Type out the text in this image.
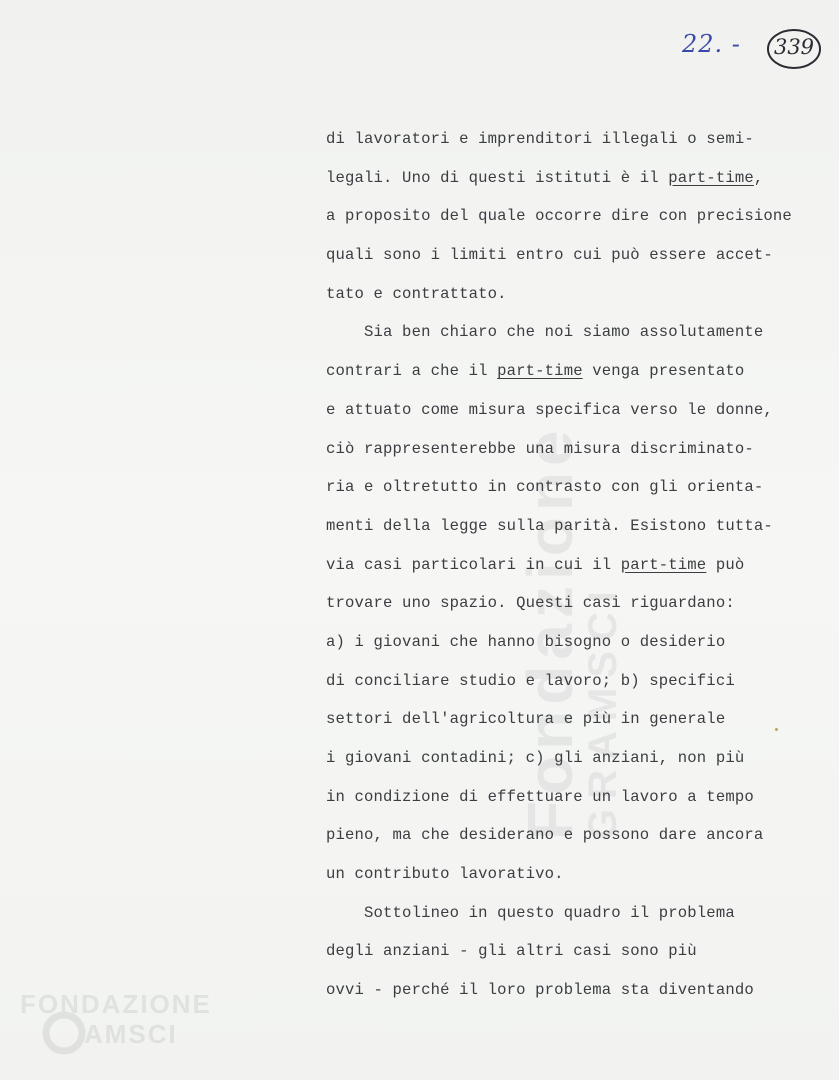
Fondazione
GRAMSCI
FONDAZIONE
AMSCI
22. -	339
di lavoratori e imprenditori illegali o semi-
legali. Uno di questi istituti è il part-time,
a proposito del quale occorre dire con precisione
quali sono i limiti entro cui può essere accet-
tato e contrattato.
Sia ben chiaro che noi siamo assolutamente
contrari a che il part-time venga presentato
e attuato come misura specifica verso le donne,
ciò rappresenterebbe una misura discriminato-
ria e oltretutto in contrasto con gli orienta-
menti della legge sulla parità. Esistono tutta-
via casi particolari in cui il part-time può
trovare uno spazio. Questi casi riguardano:
a) i giovani che hanno bisogno o desiderio
di conciliare studio e lavoro; b) specifici
settori dell'agricoltura e più in generale
i giovani contadini; c) gli anziani, non più
in condizione di effettuare un lavoro a tempo
pieno, ma che desiderano e possono dare ancora
un contributo lavorativo.
Sottolineo in questo quadro il problema
degli anziani - gli altri casi sono più
ovvi - perché il loro problema sta diventando
